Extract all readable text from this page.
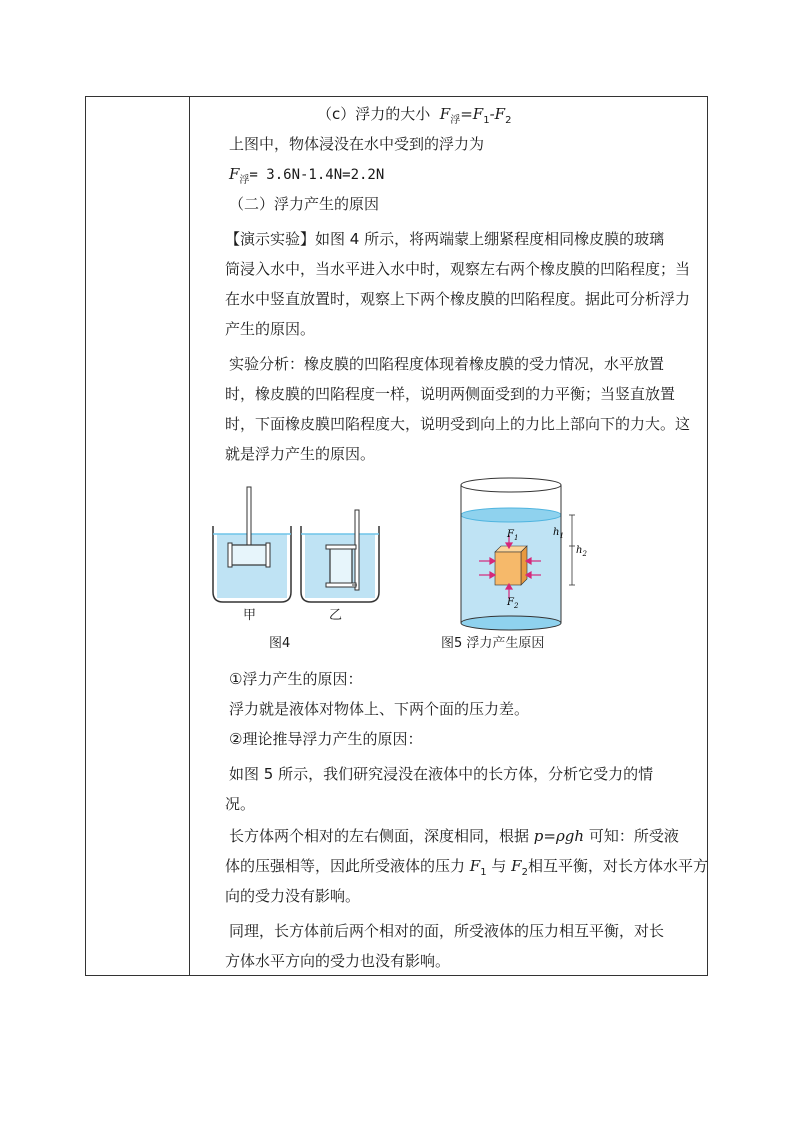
（c）浮力的大小 $F_浮=F_1-F_2$
上图中，物体浸没在水中受到的浮力为
$F_浮= 3.6N-1.4N=2.2N$
（二）浮力产生的原因
【演示实验】如图 4 所示，将两端蒙上绷紧程度相同橡皮膜的玻璃
筒浸入水中，当水平进入水中时，观察左右两个橡皮膜的凹陷程度；当
在水中竖直放置时，观察上下两个橡皮膜的凹陷程度。据此可分析浮力
产生的原因。
实验分析：橡皮膜的凹陷程度体现着橡皮膜的受力情况，水平放置
时，橡皮膜的凹陷程度一样，说明两侧面受到的力平衡；当竖直放置
时，下面橡皮膜凹陷程度大，说明受到向上的力比上部向下的力大。这
就是浮力产生的原因。
甲	乙
图4
$F_1$
$F_2$
$h_1$
$h_2$
图5 浮力产生原因
①浮力产生的原因：
浮力就是液体对物体上、下两个面的压力差。
②理论推导浮力产生的原因：
如图 5 所示，我们研究浸没在液体中的长方体，分析它受力的情
况。
长方体两个相对的左右侧面，深度相同，根据 p=ρgh 可知：所受液
体的压强相等，因此所受液体的压力 $F_1$ 与 $F_2$相互平衡，对长方体水平方
向的受力没有影响。
同理，长方体前后两个相对的面，所受液体的压力相互平衡，对长
方体水平方向的受力也没有影响。
